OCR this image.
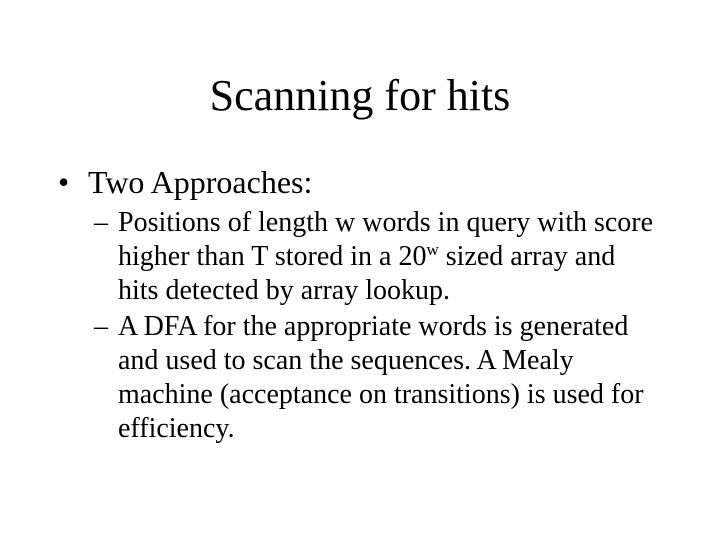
Scanning for hits
• Two Approaches:
– Positions of length w words in query with score
higher than T stored in a 20$^w$ sized array and
hits detected by array lookup.
– A DFA for the appropriate words is generated
and used to scan the sequences. A Mealy
machine (acceptance on transitions) is used for
efficiency.
